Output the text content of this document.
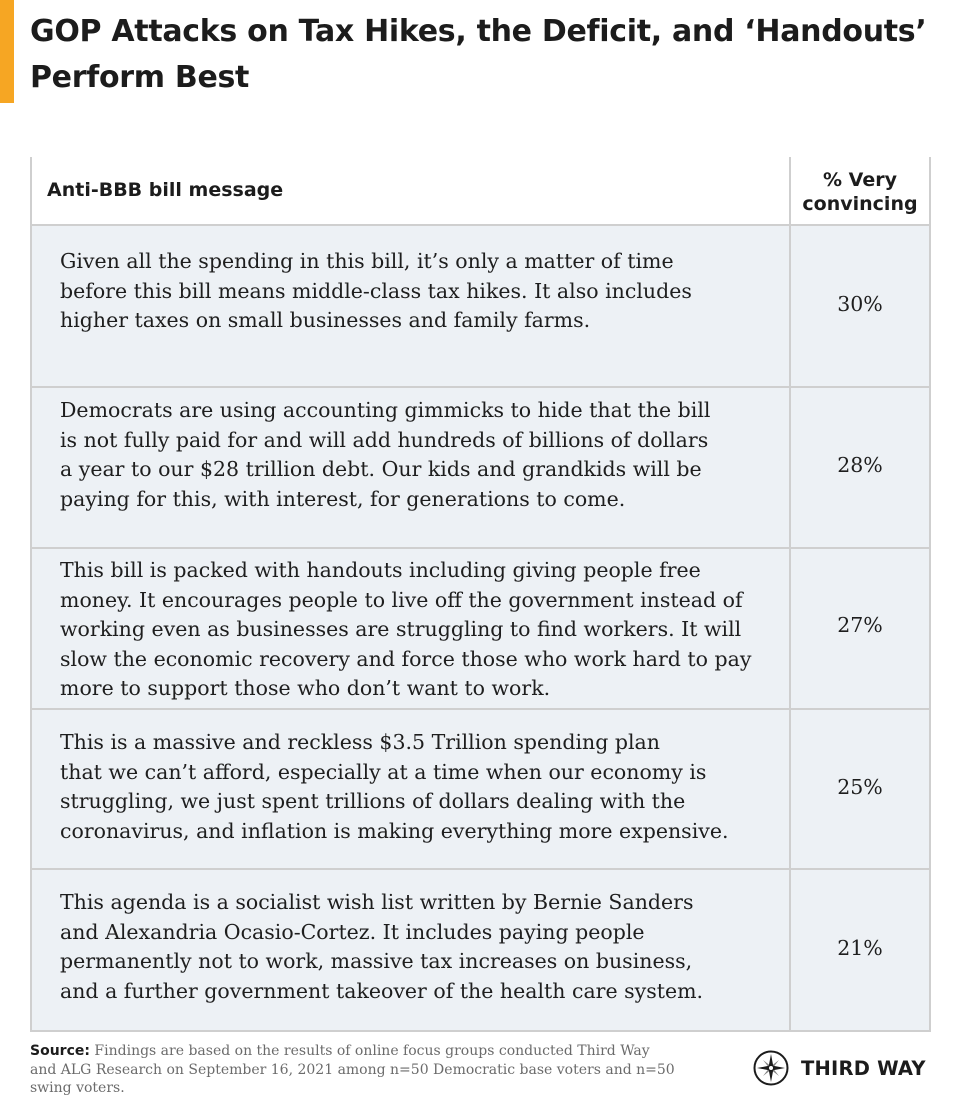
GOP Attacks on Tax Hikes, the Deficit, and ‘Handouts’
Perform Best
Anti-BBB bill message	% Very
convincing
Given all the spending in this bill, it’s only a matter of time
before this bill means middle-class tax hikes. It also includes
higher taxes on small businesses and family farms.
30%
Democrats are using accounting gimmicks to hide that the bill
is not fully paid for and will add hundreds of billions of dollars
a year to our $28 trillion debt. Our kids and grandkids will be
paying for this, with interest, for generations to come.
28%
This bill is packed with handouts including giving people free
money. It encourages people to live off the government instead of
working even as businesses are struggling to find workers. It will
slow the economic recovery and force those who work hard to pay
more to support those who don’t want to work.
27%
This is a massive and reckless $3.5 Trillion spending plan
that we can’t afford, especially at a time when our economy is
struggling, we just spent trillions of dollars dealing with the
coronavirus, and inflation is making everything more expensive.
25%
This agenda is a socialist wish list written by Bernie Sanders
and Alexandria Ocasio-Cortez. It includes paying people
permanently not to work, massive tax increases on business,
and a further government takeover of the health care system.
21%
Source: Findings are based on the results of online focus groups conducted Third Way
and ALG Research on September 16, 2021 among n=50 Democratic base voters and n=50
swing voters.
THIRD WAY
